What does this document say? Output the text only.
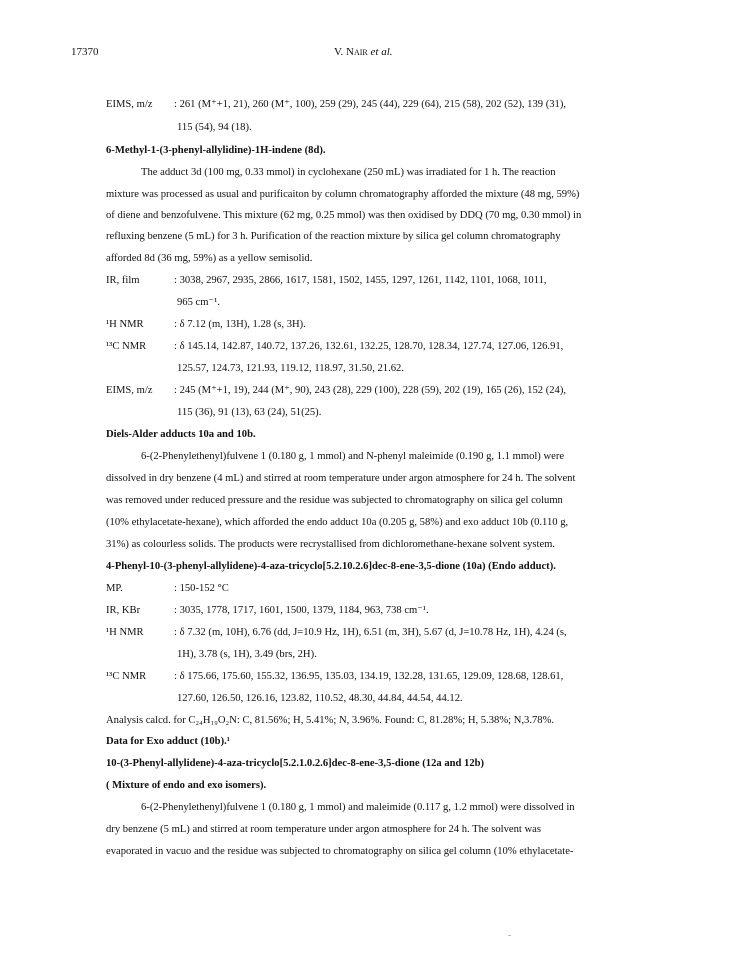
17370	V. Nair et al.
EIMS, m/z : 261 (M⁺+1, 21), 260 (M⁺, 100), 259 (29), 245 (44), 229 (64), 215 (58), 202 (52), 139 (31),
115 (54), 94 (18).
6-Methyl-1-(3-phenyl-allylidine)-1H-indene (8d).
The adduct 3d (100 mg, 0.33 mmol) in cyclohexane (250 mL) was irradiated for 1 h. The reaction
mixture was processed as usual and purificaiton by column chromatography afforded the mixture (48 mg, 59%)
of diene and benzofulvene. This mixture (62 mg, 0.25 mmol) was then oxidised by DDQ (70 mg, 0.30 mmol) in
refluxing benzene (5 mL) for 3 h. Purification of the reaction mixture by silica gel column chromatography
afforded 8d (36 mg, 59%) as a yellow semisolid.
IR, film	: 3038, 2967, 2935, 2866, 1617, 1581, 1502, 1455, 1297, 1261, 1142, 1101, 1068, 1011,
965 cm⁻¹.
¹H NMR	: δ 7.12 (m, 13H), 1.28 (s, 3H).
¹³C NMR	: δ 145.14, 142.87, 140.72, 137.26, 132.61, 132.25, 128.70, 128.34, 127.74, 127.06, 126.91,
125.57, 124.73, 121.93, 119.12, 118.97, 31.50, 21.62.
EIMS, m/z : 245 (M⁺+1, 19), 244 (M⁺, 90), 243 (28), 229 (100), 228 (59), 202 (19), 165 (26), 152 (24),
115 (36), 91 (13), 63 (24), 51(25).
Diels-Alder adducts 10a and 10b.
6-(2-Phenylethenyl)fulvene 1 (0.180 g, 1 mmol) and N-phenyl maleimide (0.190 g, 1.1 mmol) were
dissolved in dry benzene (4 mL) and stirred at room temperature under argon atmosphere for 24 h. The solvent
was removed under reduced pressure and the residue was subjected to chromatography on silica gel column
(10% ethylacetate-hexane), which afforded the endo adduct 10a (0.205 g, 58%) and exo adduct 10b (0.110 g,
31%) as colourless solids. The products were recrystallised from dichloromethane-hexane solvent system.
4-Phenyl-10-(3-phenyl-allylidene)-4-aza-tricyclo[5.2.10.2.6]dec-8-ene-3,5-dione (10a) (Endo adduct).
MP.	: 150-152 °C
IR, KBr	: 3035, 1778, 1717, 1601, 1500, 1379, 1184, 963, 738 cm⁻¹.
¹H NMR	: δ 7.32 (m, 10H), 6.76 (dd, J=10.9 Hz, 1H), 6.51 (m, 3H), 5.67 (d, J=10.78 Hz, 1H), 4.24 (s,
1H), 3.78 (s, 1H), 3.49 (brs, 2H).
¹³C NMR	: δ 175.66, 175.60, 155.32, 136.95, 135.03, 134.19, 132.28, 131.65, 129.09, 128.68, 128.61,
127.60, 126.50, 126.16, 123.82, 110.52, 48.30, 44.84, 44.54, 44.12.
Analysis calcd. for C₂₄H₁₉O₂N: C, 81.56%; H, 5.41%; N, 3.96%. Found: C, 81.28%; H, 5.38%; N,3.78%.
Data for Exo adduct (10b).¹
10-(3-Phenyl-allylidene)-4-aza-tricyclo[5.2.1.0.2.6]dec-8-ene-3,5-dione (12a and 12b)
( Mixture of endo and exo isomers).
6-(2-Phenylethenyl)fulvene 1 (0.180 g, 1 mmol) and maleimide (0.117 g, 1.2 mmol) were dissolved in
dry benzene (5 mL) and stirred at room temperature under argon atmosphere for 24 h. The solvent was
evaporated in vacuo and the residue was subjected to chromatography on silica gel column (10% ethylacetate-
